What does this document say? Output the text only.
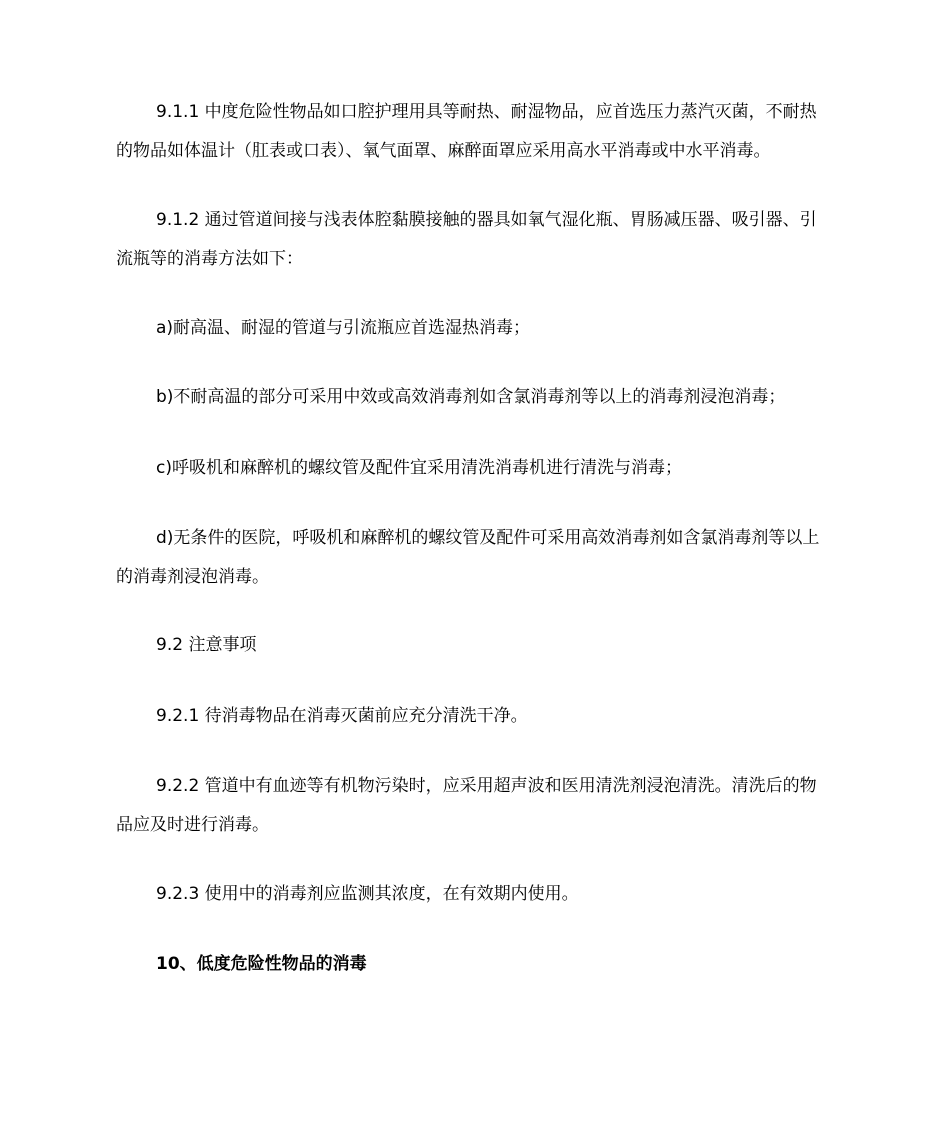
9.1.1 中度危险性物品如口腔护理用具等耐热、耐湿物品，应首选压力蒸汽灭菌，不耐热的物品如体温计（肛表或口表）、氧气面罩、麻醉面罩应采用高水平消毒或中水平消毒。
9.1.2 通过管道间接与浅表体腔黏膜接触的器具如氧气湿化瓶、胃肠减压器、吸引器、引流瓶等的消毒方法如下：
a)耐高温、耐湿的管道与引流瓶应首选湿热消毒；
b)不耐高温的部分可采用中效或高效消毒剂如含氯消毒剂等以上的消毒剂浸泡消毒；
c)呼吸机和麻醉机的螺纹管及配件宜采用清洗消毒机进行清洗与消毒；
d)无条件的医院，呼吸机和麻醉机的螺纹管及配件可采用高效消毒剂如含氯消毒剂等以上的消毒剂浸泡消毒。
9.2 注意事项
9.2.1 待消毒物品在消毒灭菌前应充分清洗干净。
9.2.2 管道中有血迹等有机物污染时，应采用超声波和医用清洗剂浸泡清洗。清洗后的物品应及时进行消毒。
9.2.3 使用中的消毒剂应监测其浓度，在有效期内使用。
10、低度危险性物品的消毒
